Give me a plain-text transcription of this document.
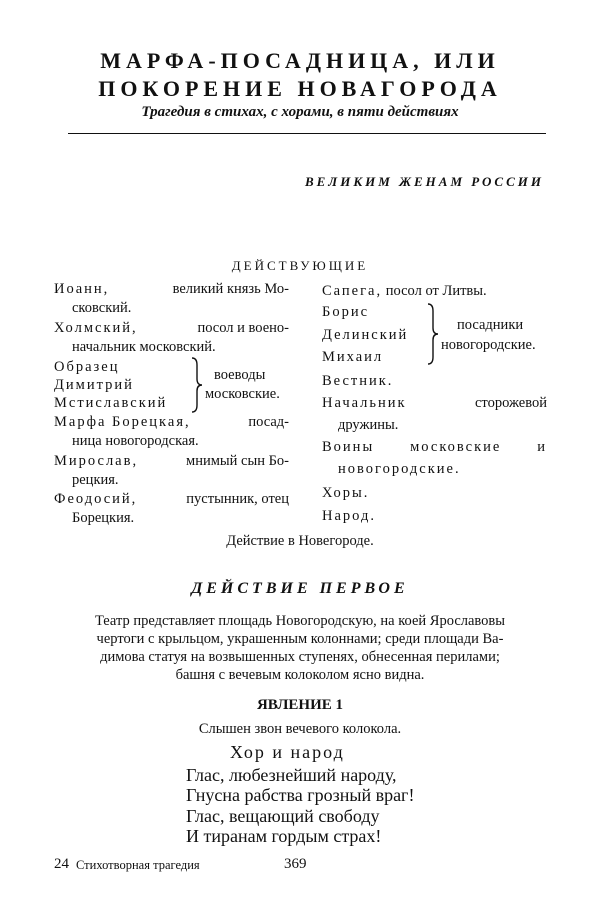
МАРФА-ПОСАДНИЦА, ИЛИ
ПОКОРЕНИЕ НОВАГОРОДА
Трагедия в стихах, с хорами, в пяти действиях
ВЕЛИКИМ ЖЕНАМ РОССИИ
ДЕЙСТВУЮЩИЕ
Иоанн,	великий князь Мо-
сковский.
Холмский,	посол и воено-
начальник московский.
Образец
Димитрий
Мстиславский
воеводы
московские.
Марфа Борецкая,	посад-
ница новогородская.
Мирослав,	мнимый сын Бо-
рецкия.
Феодосий,	пустынник, отец
Борецкия.
Сапега, посол от Литвы.
Борис
Делинский
Михаил
посадники
новогородские.
Вестник.
Начальник	сторожевой
дружины.
Воины московские и
новогородские.
Хоры.
Народ.
Действие в Новегороде.
ДЕЙСТВИЕ ПЕРВОЕ
Театр представляет площадь Новогородскую, на коей Ярославовы
чертоги с крыльцом, украшенным колоннами; среди площади Ва-
димова статуя на возвышенных ступенях, обнесенная перилами;
башня с вечевым колоколом ясно видна.
ЯВЛЕНИЕ 1
Слышен звон вечевого колокола.
Хор и народ
Глас, любезнейший народу,
Гнусна рабства грозный враг!
Глас, вещающий свободу
И тиранам гордым страх!
24 Стихотворная трагедия	369
